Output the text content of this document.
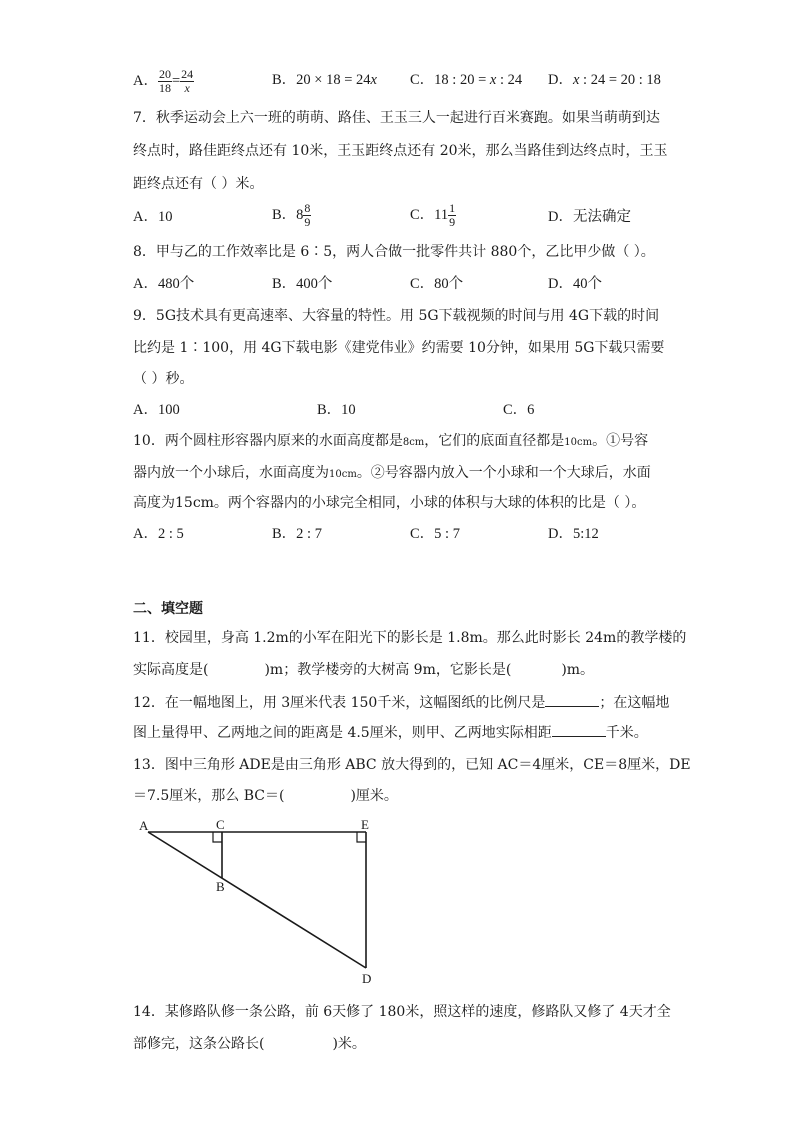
A． $\frac{20}{18} = \frac{24}{x}$	B．20 × 18 = 24x C．18 : 20 = x : 24 D．x : 24 = 20 : 18
7．秋季运动会上六一班的萌萌、路佳、王玉三人一起进行百米赛跑。如果当萌萌到达
终点时，路佳距终点还有 10米，王玉距终点还有 20米，那么当路佳到达终点时，王玉
距终点还有（ ）米。
A．10	B．$8 \frac{8}{9}$	C．$11 \frac{1}{9}$	D．无法确定
8．甲与乙的工作效率比是 6∶5，两人合做一批零件共计 880个，乙比甲少做（ ）。
A．480个	B．400个	C．80个	D．40个
9．5G技术具有更高速率、大容量的特性。用 5G下载视频的时间与用 4G下载的时间
比约是 1∶100，用 4G下载电影《建党伟业》约需要 10分钟，如果用 5G下载只需要
（ ）秒。
A．100	B．10	C．6
10．两个圆柱形容器内原来的水面高度都是8cm，它们的底面直径都是10cm。①号容
器内放一个小球后，水面高度为10cm。②号容器内放入一个小球和一个大球后，水面
高度为15cm。两个容器内的小球完全相同，小球的体积与大球的体积的比是（ ）。
A．2 : 5	B．2 : 7	C．5 : 7	D．5:12
二、填空题
11．校园里，身高 1.2m的小军在阳光下的影长是 1.8m。那么此时影长 24m的教学楼的
实际高度是(	)m；教学楼旁的大树高 9m，它影长是(	)m。
12．在一幅地图上，用 3厘米代表 150千米，这幅图纸的比例尺是	；在这幅地
图上量得甲、乙两地之间的距离是 4.5厘米，则甲、乙两地实际相距	千米。
13．图中三角形 ADE是由三角形 ABC 放大得到的，已知 AC＝4厘米，CE＝8厘米，DE
＝7.5厘米，那么 BC＝(	)厘米。
A	C	E
B
D
14．某修路队修一条公路，前 6天修了 180米，照这样的速度，修路队又修了 4天才全
部修完，这条公路长(	)米。
